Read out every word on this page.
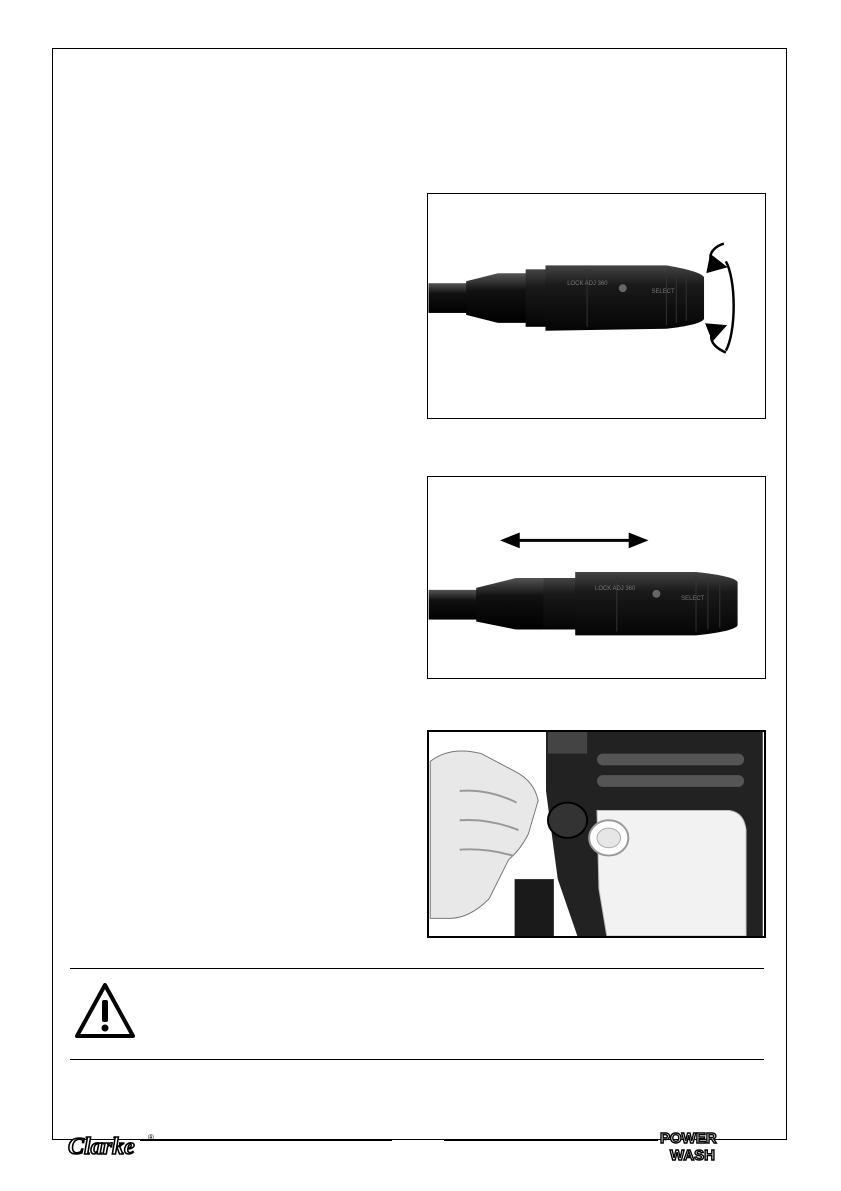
LOCK ADJ 360
SELECT
LOCK ADJ 360
SELECT
Clarke ®	POWER
WASH
